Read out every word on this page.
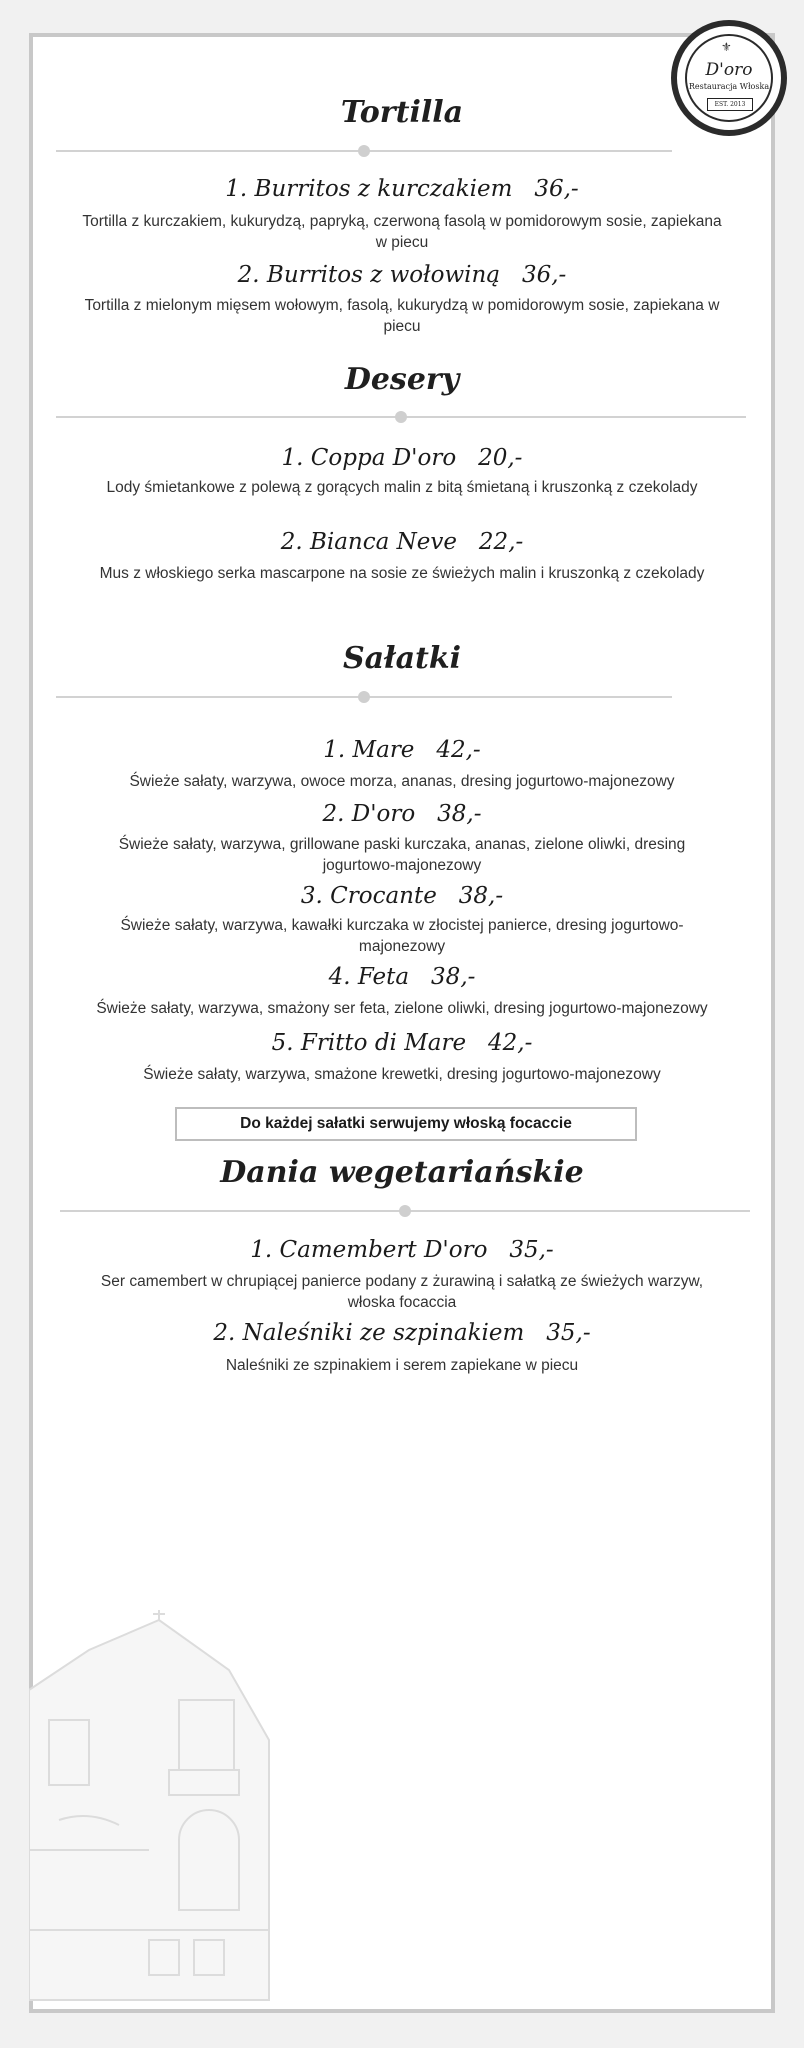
⚜
D'oro
Restauracja Włoska
EST. 2013
Tortilla
1. Burritos z kurczakiem   36,-
Tortilla z kurczakiem, kukurydzą, papryką, czerwoną fasolą w pomidorowym sosie, zapiekana w piecu
2. Burritos z wołowiną   36,-
Tortilla z mielonym mięsem wołowym, fasolą, kukurydzą w pomidorowym sosie, zapiekana w piecu
Desery
1. Coppa D'oro   20,-
Lody śmietankowe z polewą z gorących malin z bitą śmietaną i kruszonką z czekolady
2. Bianca Neve   22,-
Mus z włoskiego serka mascarpone na sosie ze świeżych malin i kruszonką z czekolady
Sałatki
1. Mare   42,-
Świeże sałaty, warzywa, owoce morza, ananas, dresing jogurtowo-majonezowy
2. D'oro   38,-
Świeże sałaty, warzywa, grillowane paski kurczaka, ananas, zielone oliwki, dresing jogurtowo-majonezowy
3. Crocante   38,-
Świeże sałaty, warzywa, kawałki kurczaka w złocistej panierce, dresing jogurtowo-majonezowy
4. Feta   38,-
Świeże sałaty, warzywa, smażony ser feta, zielone oliwki, dresing jogurtowo-majonezowy
5. Fritto di Mare   42,-
Świeże sałaty, warzywa, smażone krewetki, dresing jogurtowo-majonezowy
Do każdej sałatki serwujemy włoską focaccie
Dania wegetariańskie
1. Camembert D'oro   35,-
Ser camembert w chrupiącej panierce podany z żurawiną i sałatką ze świeżych warzyw, włoska focaccia
2. Naleśniki ze szpinakiem   35,-
Naleśniki ze szpinakiem i serem zapiekane w piecu
